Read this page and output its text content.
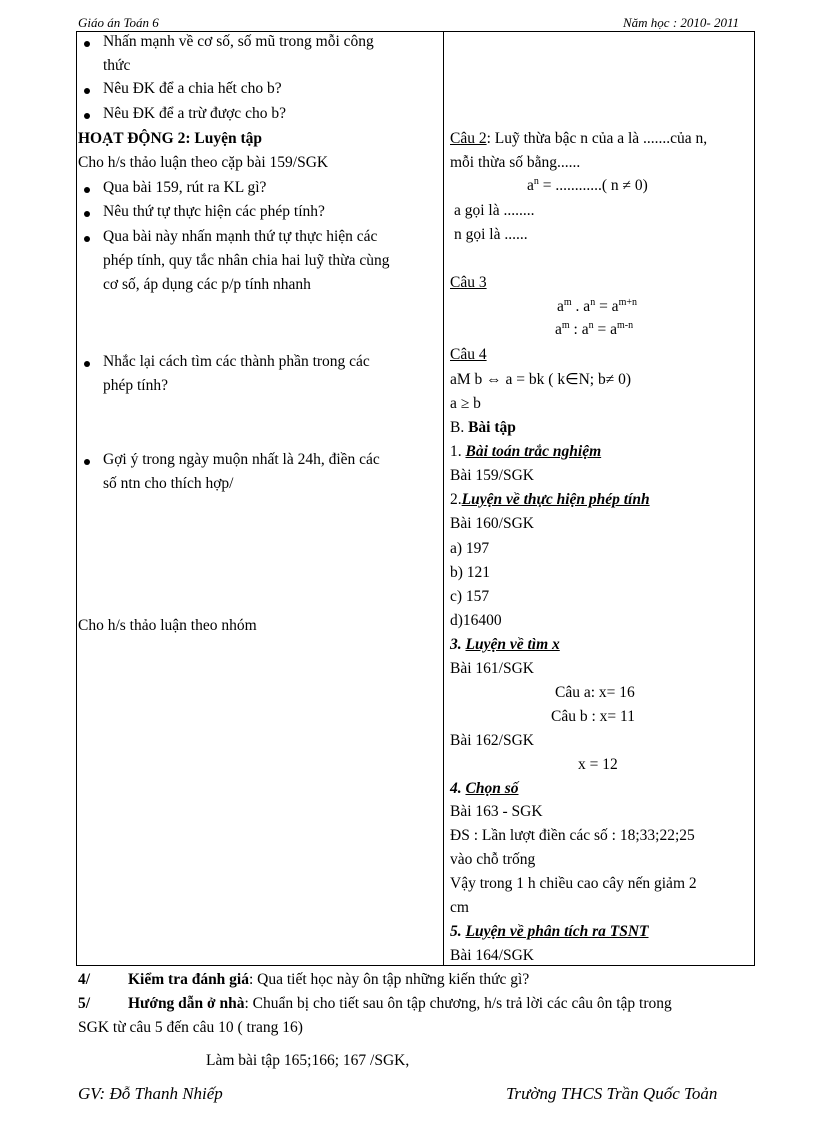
Giáo án Toán 6	Năm học : 2010- 2011
Nhấn mạnh về cơ số, số mũ trong mỗi công
thức
Nêu ĐK để a chia hết cho b?
Nêu ĐK để a trừ được cho b?
HOẠT ĐỘNG 2: Luyện tập
Cho h/s thảo luận theo cặp bài 159/SGK
Qua bài 159, rút ra KL gì?
Nêu thứ tự thực hiện các phép tính?
Qua bài này nhấn mạnh thứ tự thực hiện các
phép tính, quy tắc nhân chia hai luỹ thừa cùng
cơ số, áp dụng các p/p tính nhanh
Nhắc lại cách tìm các thành phần trong các
phép tính?
Gợi ý trong ngày muộn nhất là 24h, điền các
số ntn cho thích hợp/
Cho h/s thảo luận theo nhóm
Câu 2: Luỹ thừa bậc n của a là .......của n,
mỗi thừa số bằng......
$a^n$ = ............( n ≠ 0)
a gọi là ........
n gọi là ......
Câu 3
$a^m$ . $a^n = a^{m+n}$
$a^m$ : $a^n = a^{m-n}$
Câu 4
aM b ⇔ a = bk ( k∈N; b≠ 0)
a ≥ b
B. Bài tập
1. Bài toán trắc nghiệm
Bài 159/SGK
2.Luyện về thực hiện phép tính
Bài 160/SGK
a) 197
b) 121
c) 157
d)16400
3. Luyện về tìm x
Bài 161/SGK
Câu a: x= 16
Câu b : x= 11
Bài 162/SGK
x = 12
4. Chọn số
Bài 163 - SGK
ĐS : Lần lượt điền các số : 18;33;22;25
vào chỗ trống
Vậy trong 1 h chiều cao cây nến giảm 2
cm
5. Luyện về phân tích ra TSNT
Bài 164/SGK
4/ Kiểm tra đánh giá: Qua tiết học này ôn tập những kiến thức gì?
5/ Hướng dẫn ở nhà: Chuẩn bị cho tiết sau ôn tập chương, h/s trả lời các câu ôn tập trong
SGK từ câu 5 đến câu 10 ( trang 16)
Làm bài tập 165;166; 167 /SGK,
GV: Đỗ Thanh Nhiếp	Trường THCS Trần Quốc Toản
